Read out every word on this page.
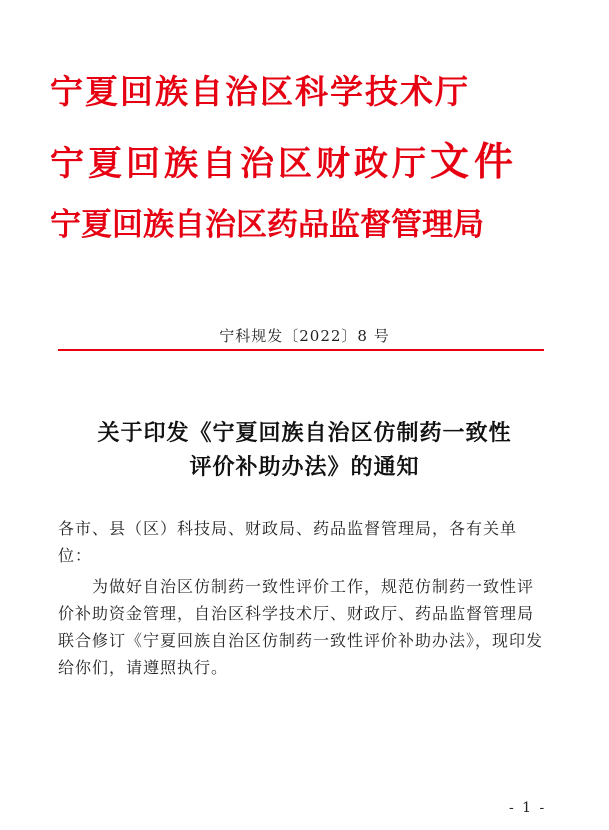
宁夏回族自治区科学技术厅
宁夏回族自治区财政厅文件
宁夏回族自治区药品监督管理局
宁科规发〔2022〕8 号
关于印发《宁夏回族自治区仿制药一致性
评价补助办法》的通知
各市、县（区）科技局、财政局、药品监督管理局，各有关单位：
为做好自治区仿制药一致性评价工作，规范仿制药一致性评价补助资金管理，自治区科学技术厅、财政厅、药品监督管理局联合修订《宁夏回族自治区仿制药一致性评价补助办法》，现印发给你们，请遵照执行。
- 1 -
